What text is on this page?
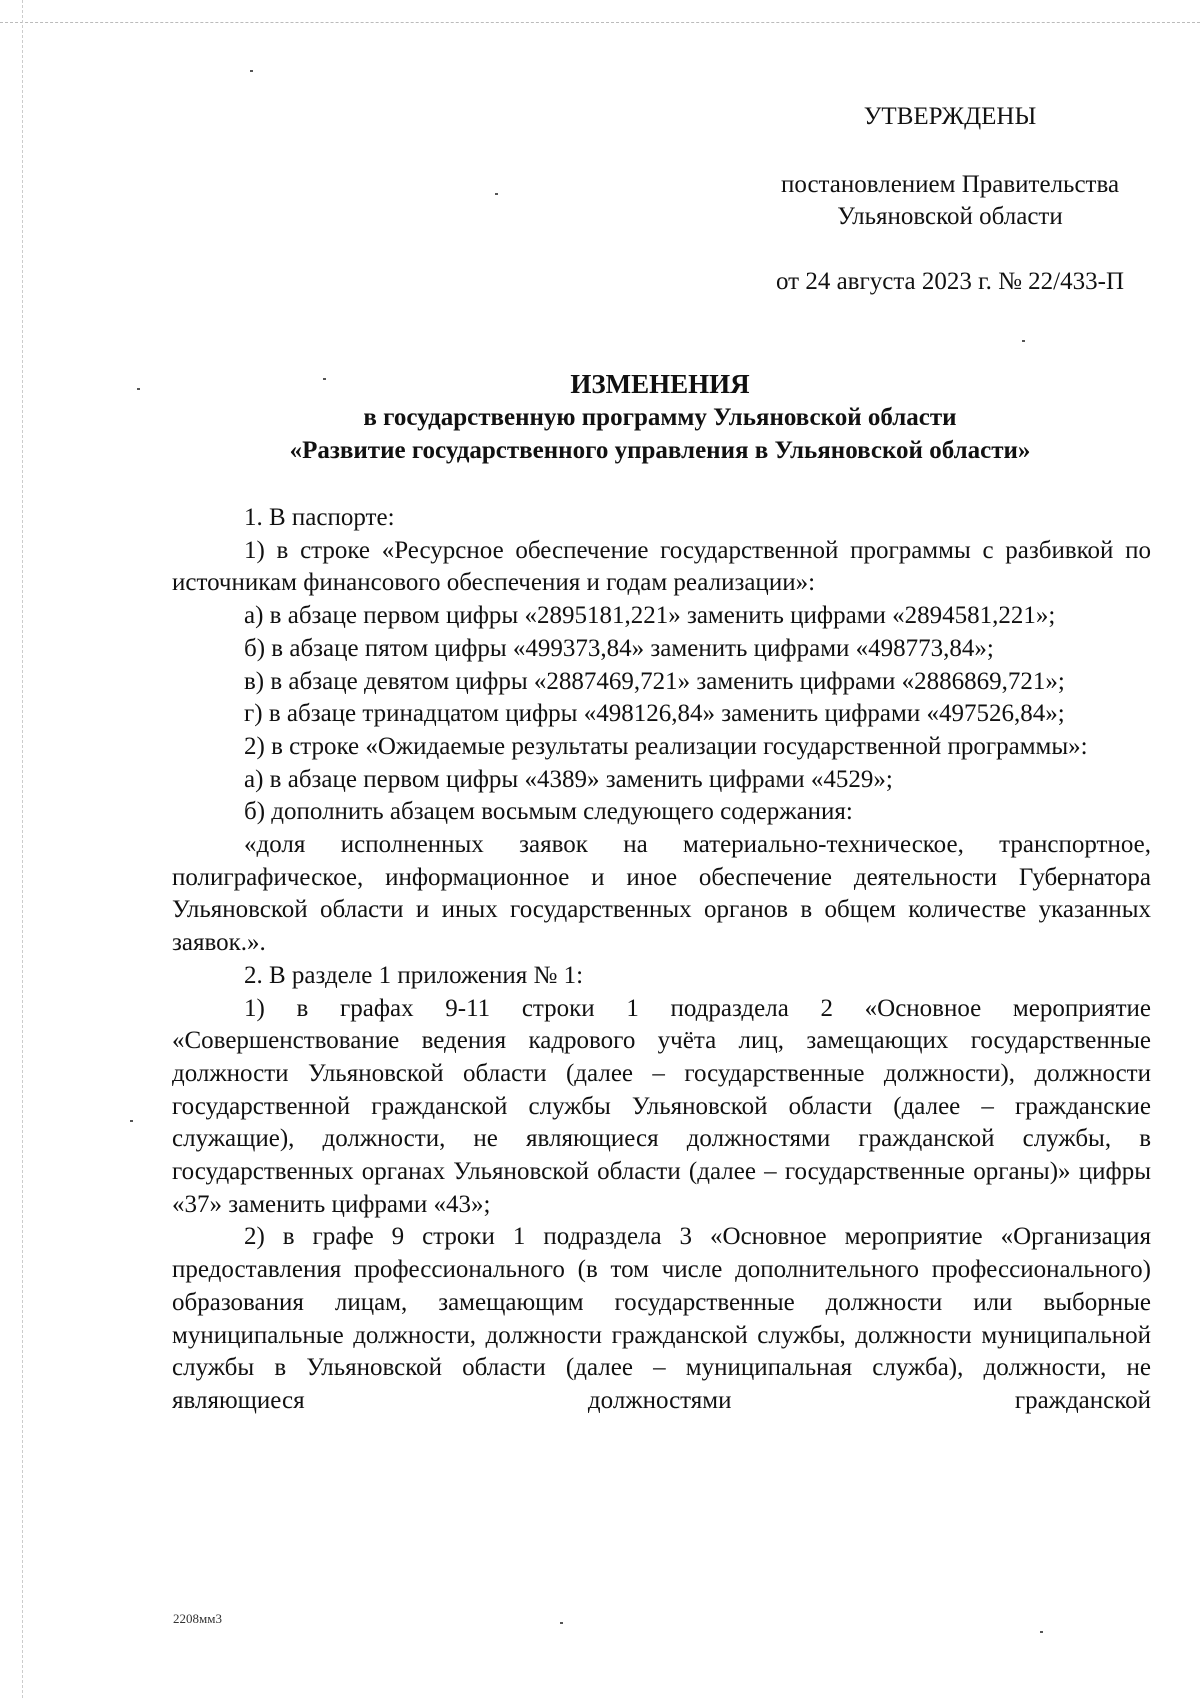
УТВЕРЖДЕНЫ
постановлением Правительства
Ульяновской области
от 24 августа 2023 г. № 22/433-П
ИЗМЕНЕНИЯ
в государственную программу Ульяновской области
«Развитие государственного управления в Ульяновской области»

1. В паспорте:

1) в строке «Ресурсное обеспечение государственной программы с разбивкой по источникам финансового обеспечения и годам реализации»:

а) в абзаце первом цифры «2895181,221» заменить цифрами «2894581,221»;

б) в абзаце пятом цифры «499373,84» заменить цифрами «498773,84»;

в) в абзаце девятом цифры «2887469,721» заменить цифрами «2886869,721»;

г) в абзаце тринадцатом цифры «498126,84» заменить цифрами «497526,84»;

2) в строке «Ожидаемые результаты реализации государственной программы»:

а) в абзаце первом цифры «4389» заменить цифрами «4529»;

б) дополнить абзацем восьмым следующего содержания:

«доля исполненных заявок на материально-техническое, транспортное, полиграфическое, информационное и иное обеспечение деятельности Губернатора Ульяновской области и иных государственных органов в общем количестве указанных заявок.».

2. В разделе 1 приложения № 1:

1) в графах 9-11 строки 1 подраздела 2 «Основное мероприятие «Совершенствование ведения кадрового учёта лиц, замещающих государственные должности Ульяновской области (далее – государственные должности), должности государственной гражданской службы Ульяновской области (далее – гражданские служащие), должности, не являющиеся должностями гражданской службы, в государственных органах Ульяновской области (далее – государственные органы)» цифры «37» заменить цифрами «43»;

2) в графе 9 строки 1 подраздела 3 «Основное мероприятие «Организация предоставления профессионального (в том числе дополнительного профессионального) образования лицам, замещающим государственные должности или выборные муниципальные должности, должности гражданской службы, должности муниципальной службы в Ульяновской области (далее – муниципальная служба), должности, не являющиеся должностями гражданской

2208мм3
